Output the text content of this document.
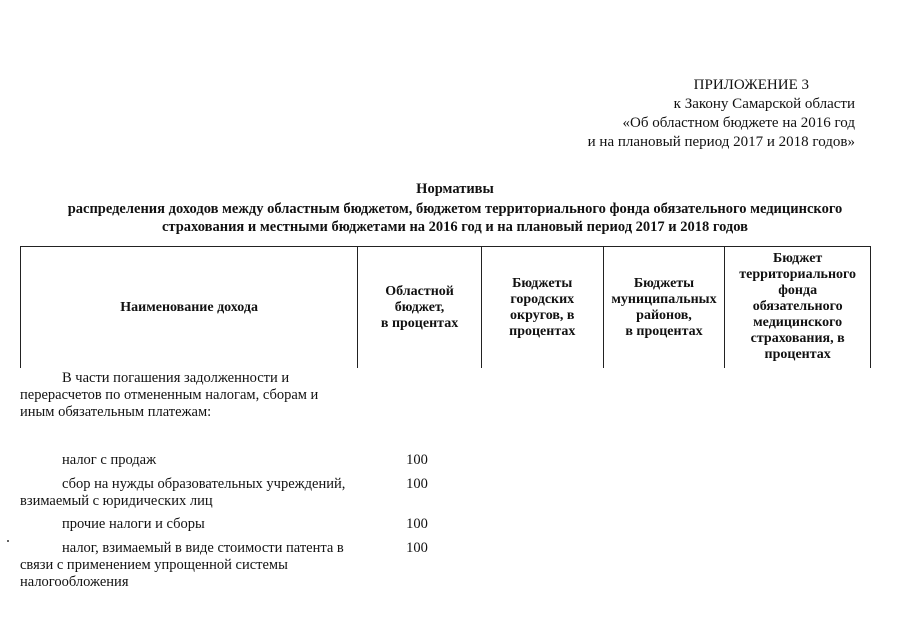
ПРИЛОЖЕНИЕ 3
к Закону Самарской области
«Об областном бюджете на 2016 год
и на плановый период 2017 и 2018 годов»
Нормативы
распределения доходов между областным бюджетом, бюджетом территориального фонда обязательного медицинского
страхования и местными бюджетами на 2016 год и на плановый период 2017 и 2018 годов
Наименование дохода
Областной
бюджет,
в процентах
Бюджеты
городских
округов, в
процентах
Бюджеты
муниципальных
районов,
в процентах
Бюджет
территориального
фонда
обязательного
медицинского
страхования, в
процентах
В части погашения задолженности и перерасчетов по отмененным налогам, сборам и иным обязательным платежам:
налог с продаж	100
сбор на нужды образовательных учреждений, взимаемый с юридических лиц
100
прочие налоги и сборы	100
налог, взимаемый в виде стоимости патента в связи с применением упрощенной системы налогообложения
100
